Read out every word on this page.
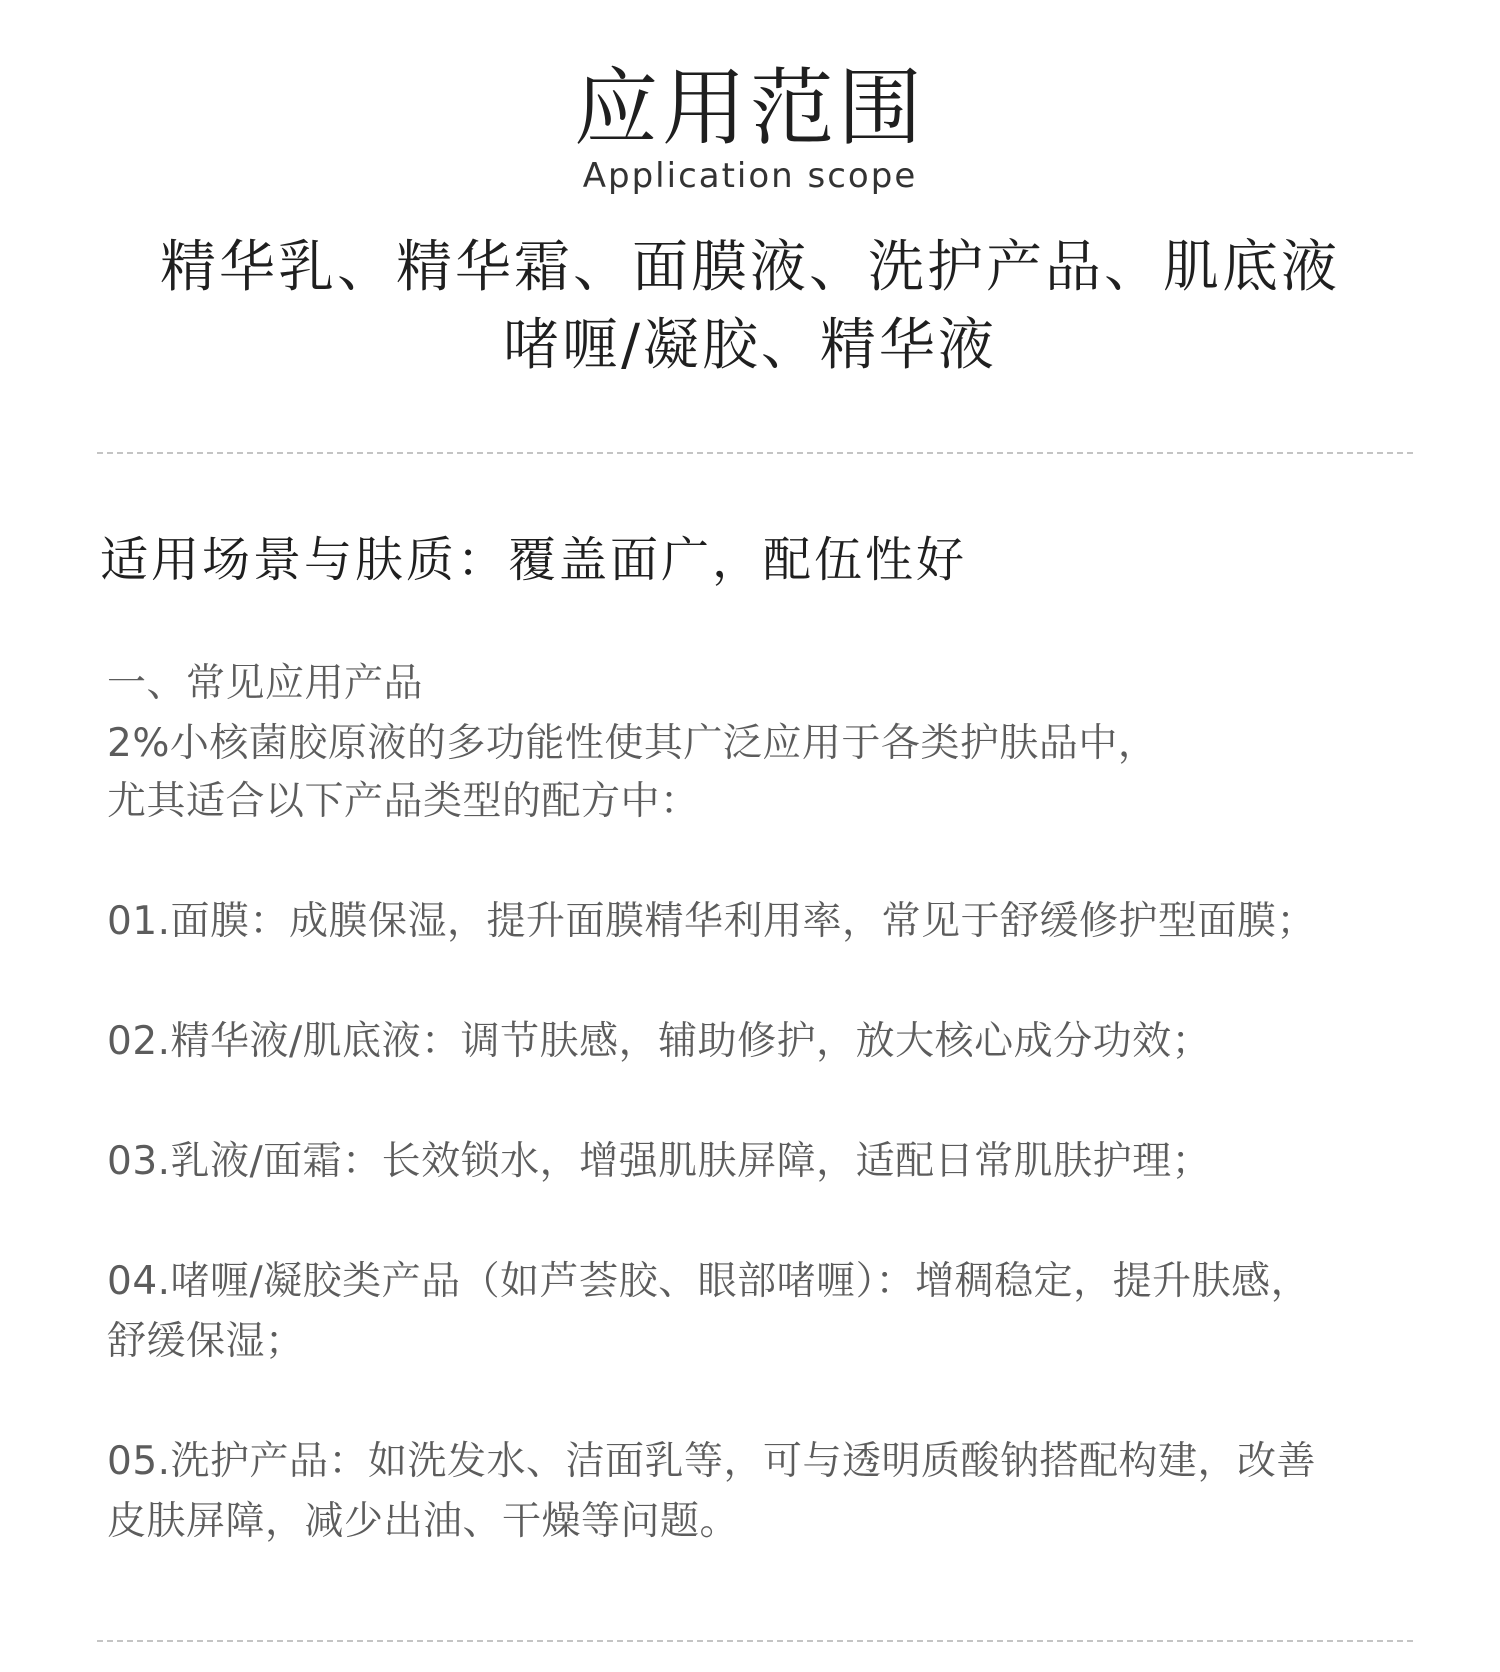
应用范围
Application scope
精华乳、精华霜、面膜液、洗护产品、肌底液
啫喱/凝胶、精华液
适用场景与肤质：覆盖面广，配伍性好
一、常见应用产品
2%小核菌胶原液的多功能性使其广泛应用于各类护肤品中，
尤其适合以下产品类型的配方中：
01.面膜：成膜保湿，提升面膜精华利用率，常见于舒缓修护型面膜；
02.精华液/肌底液：调节肤感，辅助修护，放大核心成分功效；
03.乳液/面霜：长效锁水，增强肌肤屏障，适配日常肌肤护理；
04.啫喱/凝胶类产品（如芦荟胶、眼部啫喱）：增稠稳定，提升肤感，
舒缓保湿；
05.洗护产品：如洗发水、洁面乳等，可与透明质酸钠搭配构建，改善
皮肤屏障，减少出油、干燥等问题。
